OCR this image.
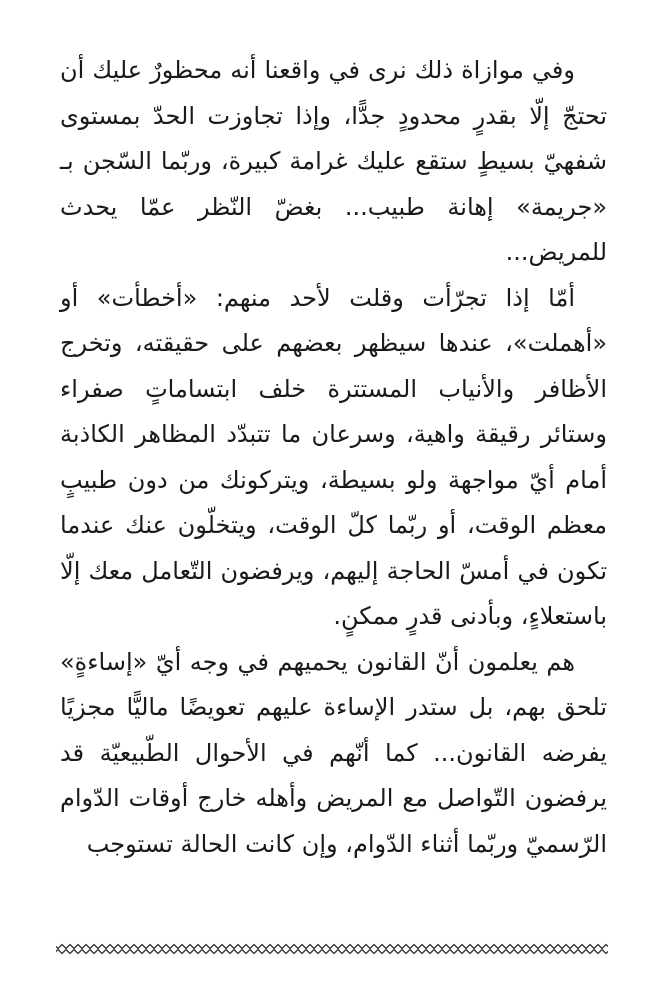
وفي موازاة ذلك نرى في واقعنا أنه محظورٌ عليك أن تحتجّ إلّا بقدرٍ محدودٍ جدًّا، وإذا تجاوزت الحدّ بمستوى شفهيّ بسيطٍ ستقع عليك غرامة كبيرة، وربّما السّجن بـ «جريمة» إهانة طبيب... بغضّ النّظر عمّا يحدث للمريض...

أمّا إذا تجرّأت وقلت لأحد منهم: «أخطأت» أو «أهملت»، عندها سيظهر بعضهم على حقيقته، وتخرج الأظافر والأنياب المستترة خلف ابتساماتٍ صفراء وستائر رقيقة واهية، وسرعان ما تتبدّد المظاهر الكاذبة أمام أيّ مواجهة ولو بسيطة، ويتركونك من دون طبيبٍ معظم الوقت، أو ربّما كلّ الوقت، ويتخلّون عنك عندما تكون في أمسّ الحاجة إليهم، ويرفضون التّعامل معك إلّا باستعلاءٍ، وبأدنى قدرٍ ممكنٍ.

هم يعلمون أنّ القانون يحميهم في وجه أيّ «إساءةٍ» تلحق بهم، بل ستدر الإساءة عليهم تعويضًا ماليًّا مجزيًا يفرضه القانون... كما أنّهم في الأحوال الطّبيعيّة قد يرفضون التّواصل مع المريض وأهله خارج أوقات الدّوام الرّسميّ وربّما أثناء الدّوام، وإن كانت الحالة تستوجب
